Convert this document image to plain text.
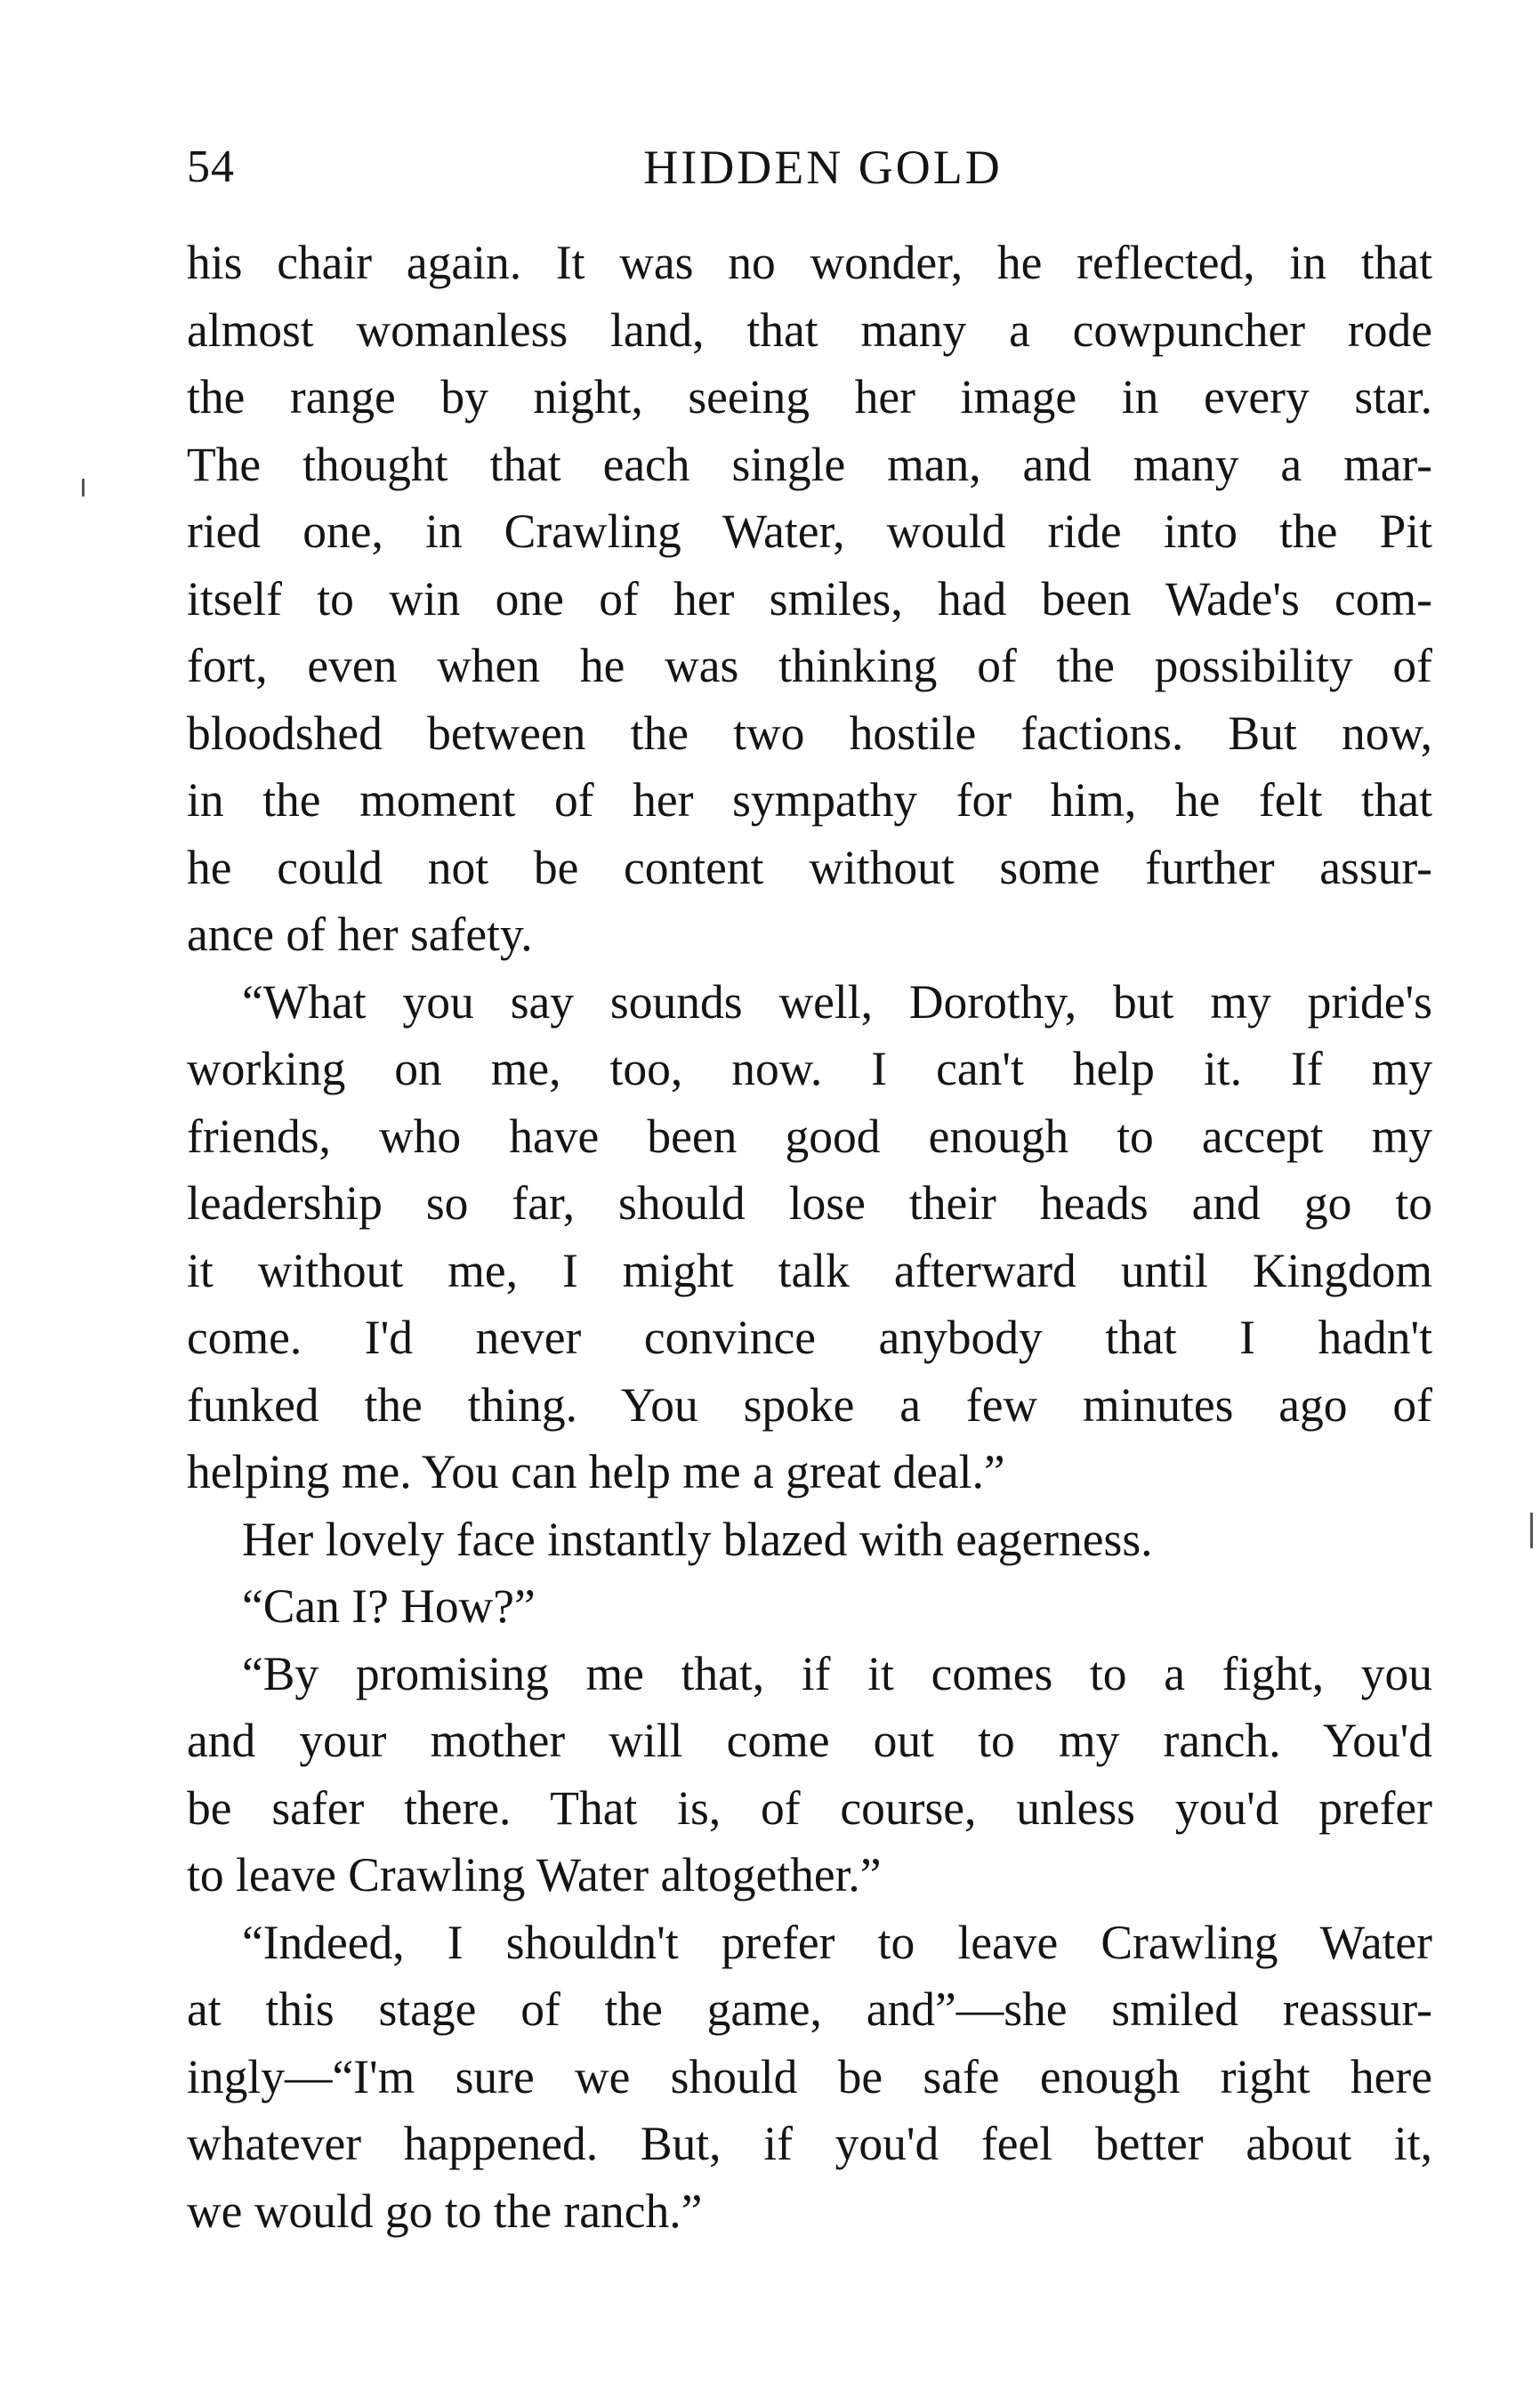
54	HIDDEN GOLD
his chair again. It was no wonder, he reflected, in that
almost womanless land, that many a cowpuncher rode
the range by night, seeing her image in every star.
The thought that each single man, and many a mar-
ried one, in Crawling Water, would ride into the Pit
itself to win one of her smiles, had been Wade's com-
fort, even when he was thinking of the possibility of
bloodshed between the two hostile factions. But now,
in the moment of her sympathy for him, he felt that
he could not be content without some further assur-
ance of her safety.
“What you say sounds well, Dorothy, but my pride's
working on me, too, now. I can't help it. If my
friends, who have been good enough to accept my
leadership so far, should lose their heads and go to
it without me, I might talk afterward until Kingdom
come. I'd never convince anybody that I hadn't
funked the thing. You spoke a few minutes ago of
helping me. You can help me a great deal.”
Her lovely face instantly blazed with eagerness.
“Can I? How?”
“By promising me that, if it comes to a fight, you
and your mother will come out to my ranch. You'd
be safer there. That is, of course, unless you'd prefer
to leave Crawling Water altogether.”
“Indeed, I shouldn't prefer to leave Crawling Water
at this stage of the game, and”—she smiled reassur-
ingly—“I'm sure we should be safe enough right here
whatever happened. But, if you'd feel better about it,
we would go to the ranch.”
